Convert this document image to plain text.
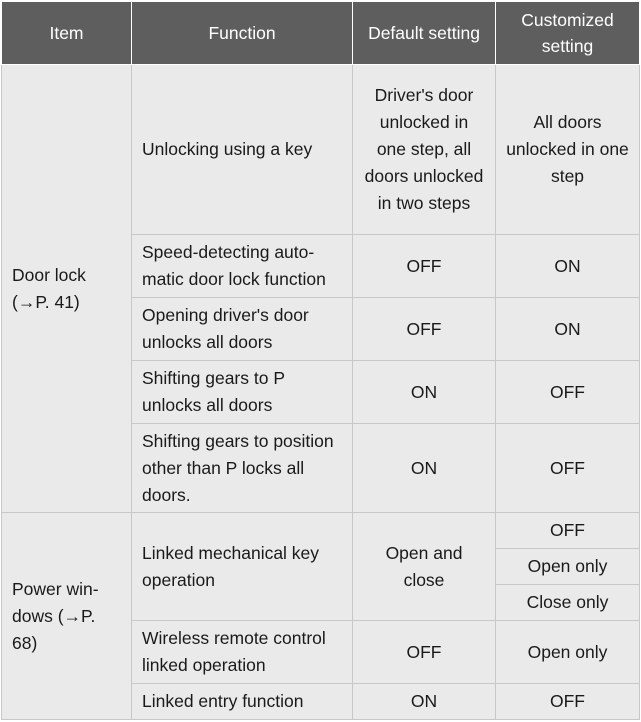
Item	Function	Default setting	Customized setting
Door lock (→P. 41)	Unlocking using a key	Driver's door unlocked in one step, all doors unlocked in two steps	All doors unlocked in one step
	Speed-detecting auto- matic door lock function	OFF	ON
	Opening driver's door unlocks all doors	OFF	ON
	Shifting gears to P unlocks all doors	ON	OFF
	Shifting gears to position other than P locks all doors.	ON	OFF
Power win- dows (→P. 68)	Linked mechanical key operation	Open and close	OFF
			Open only
			Close only
	Wireless remote control linked operation	OFF	Open only
	Linked entry function	ON	OFF
